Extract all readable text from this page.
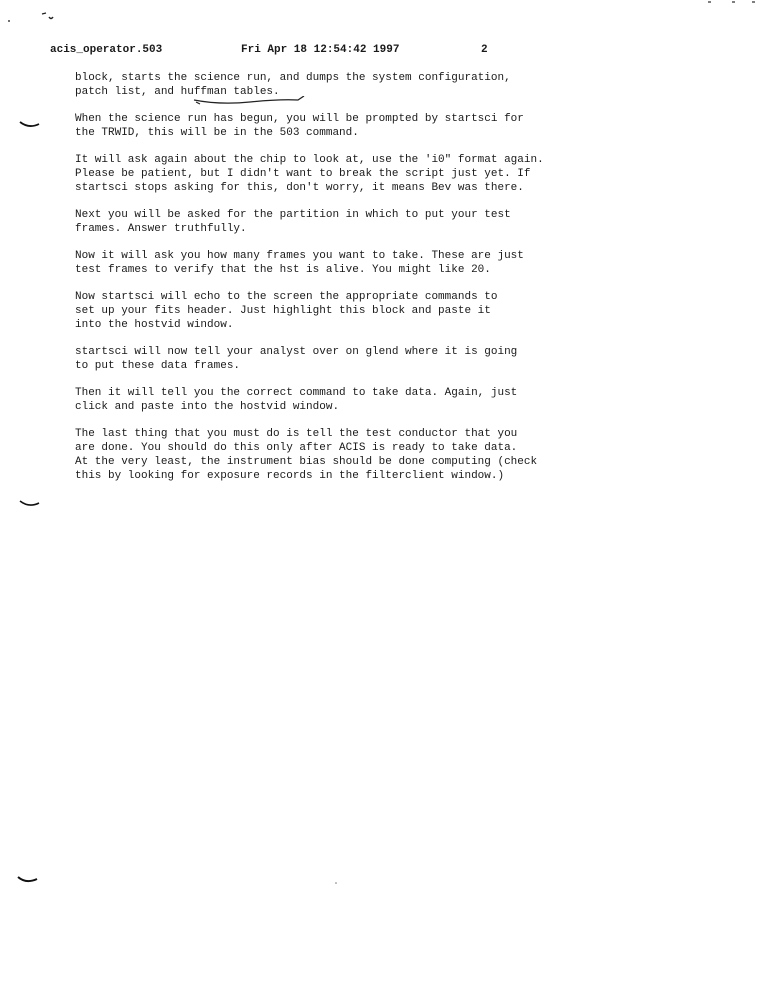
acis_operator.503	Fri Apr 18 12:54:42 1997	2

block, starts the science run, and dumps the system configuration,
patch list, and huffman tables.

When the science run has begun, you will be prompted by startsci for
the TRWID, this will be in the 503 command.

It will ask again about the chip to look at, use the 'i0" format again.
Please be patient, but I didn't want to break the script just yet. If
startsci stops asking for this, don't worry, it means Bev was there.

Next you will be asked for the partition in which to put your test
frames. Answer truthfully.

Now it will ask you how many frames you want to take. These are just
test frames to verify that the hst is alive. You might like 20.

Now startsci will echo to the screen the appropriate commands to
set up your fits header. Just highlight this block and paste it
into the hostvid window.

startsci will now tell your analyst over on glend where it is going
to put these data frames.

Then it will tell you the correct command to take data. Again, just
click and paste into the hostvid window.

The last thing that you must do is tell the test conductor that you
are done. You should do this only after ACIS is ready to take data.
At the very least, the instrument bias should be done computing (check
this by looking for exposure records in the filterclient window.)
